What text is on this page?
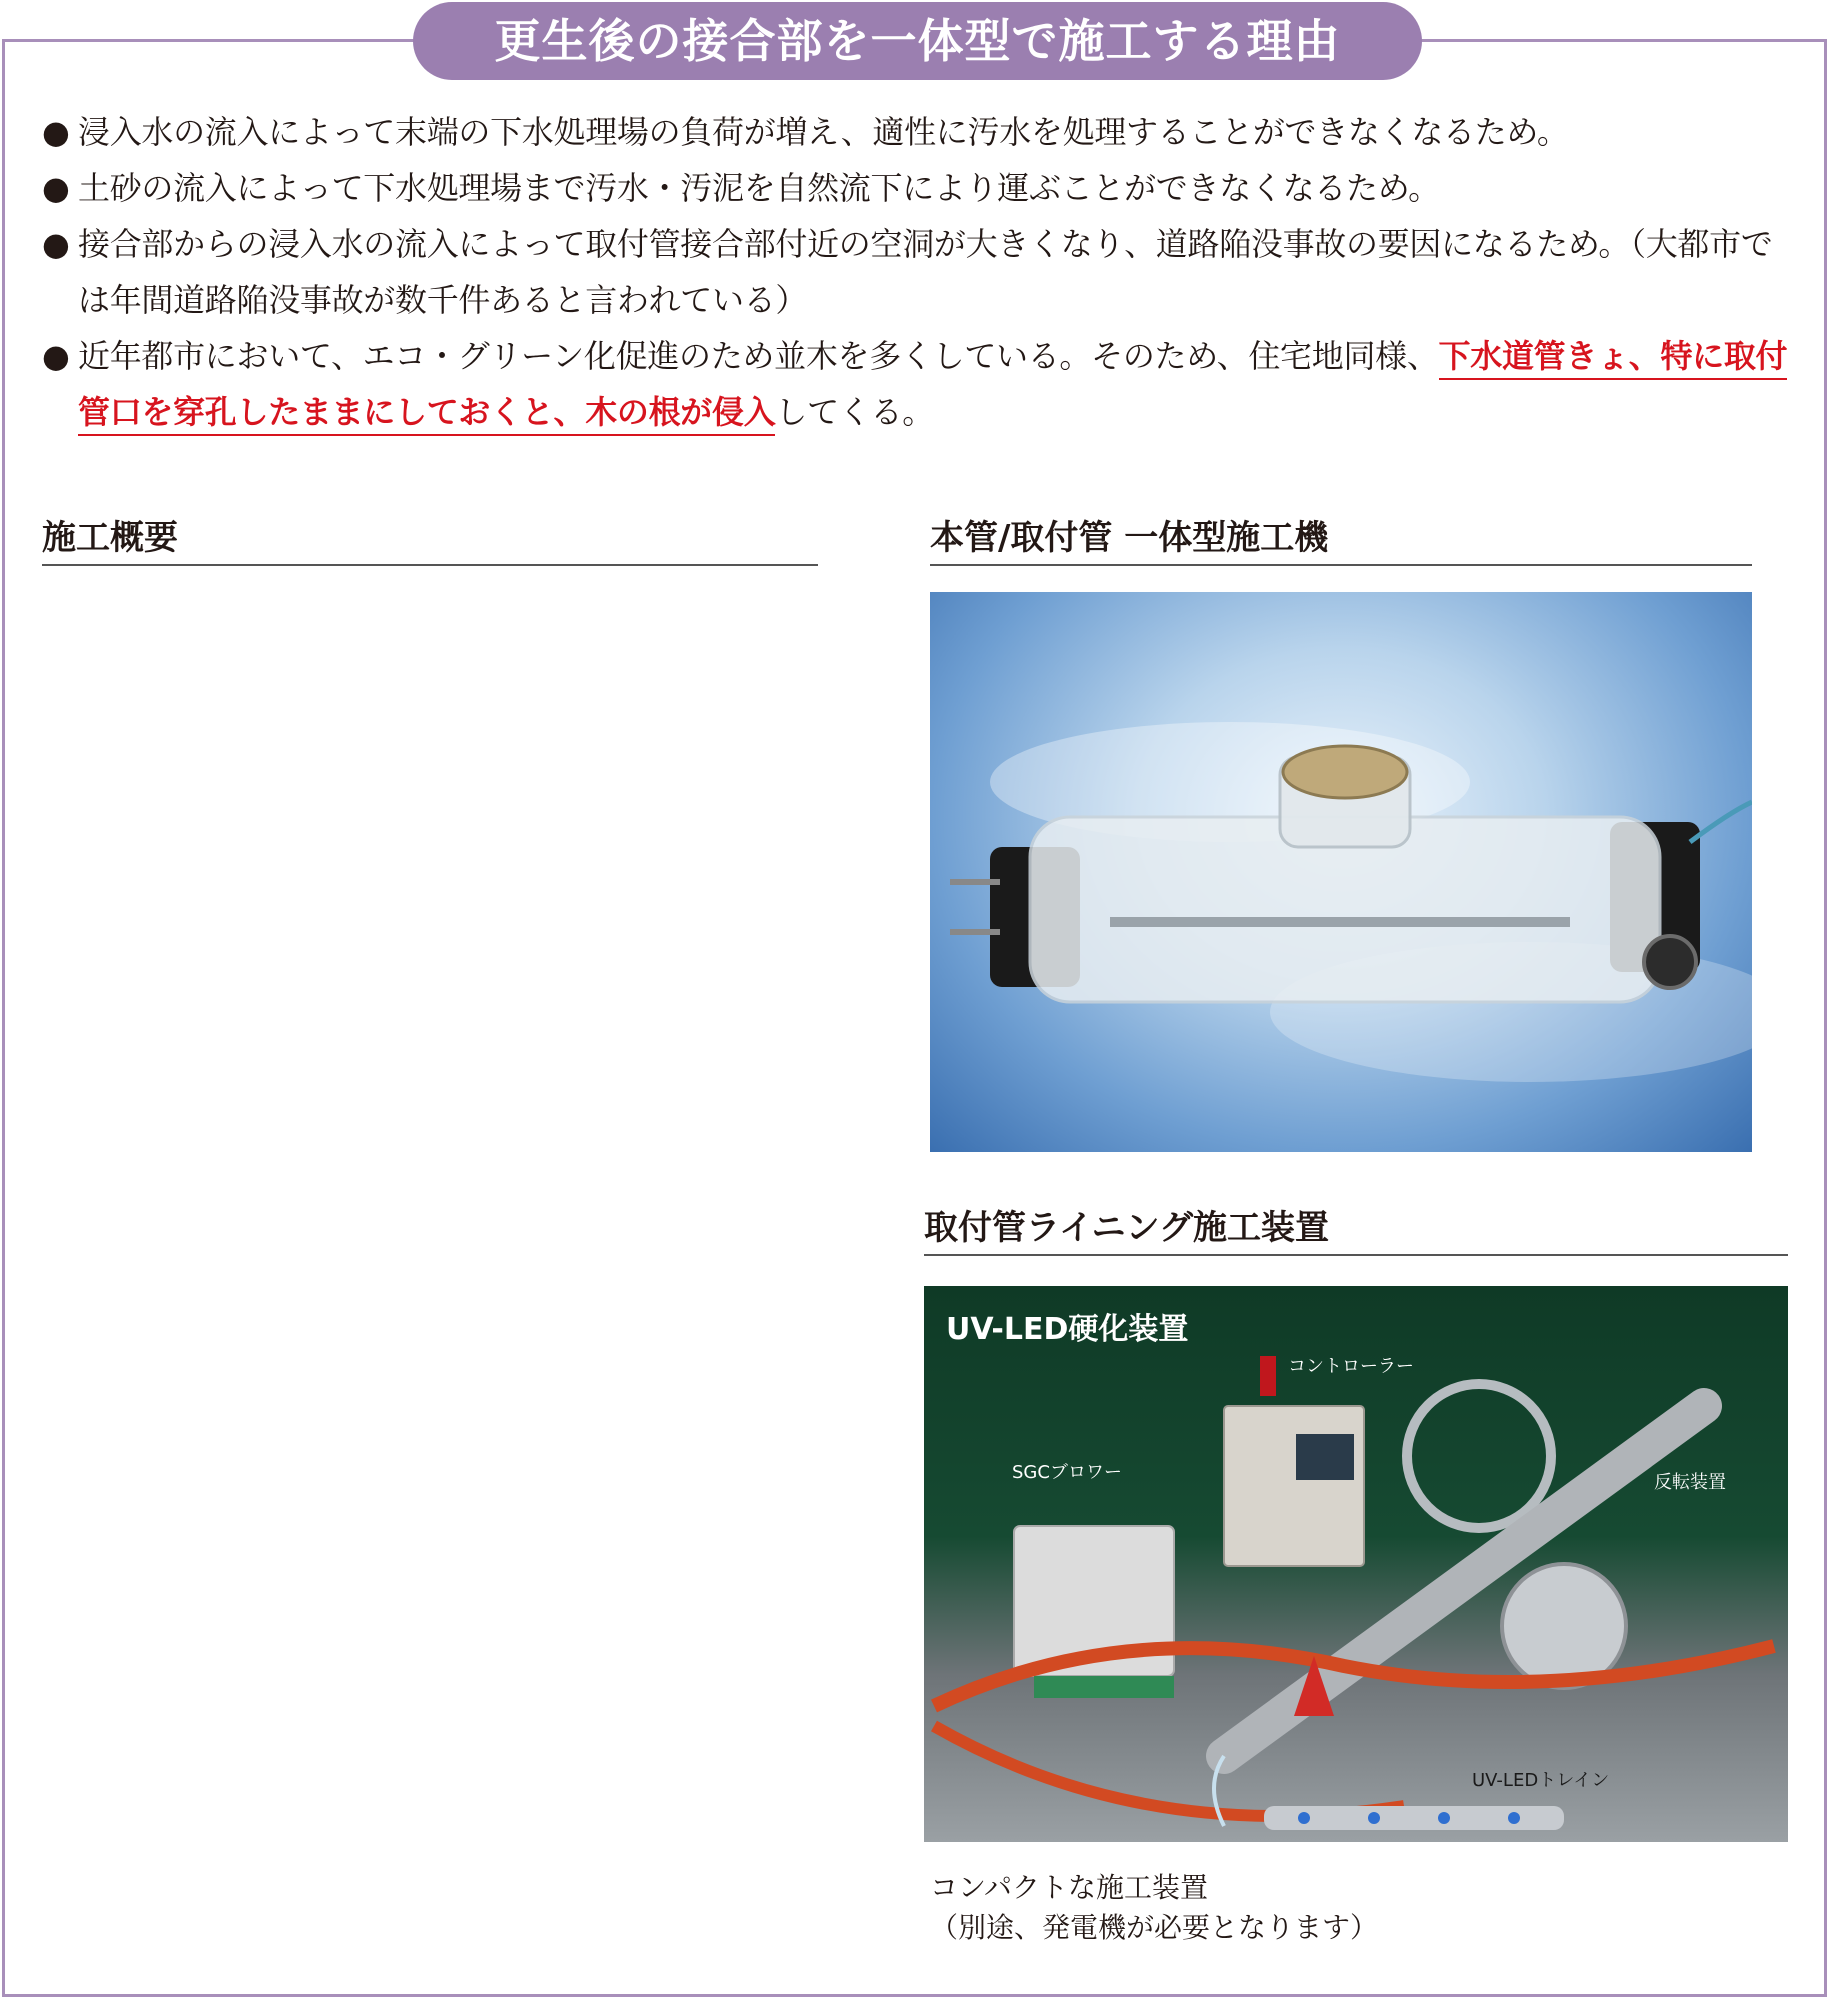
更生後の接合部を一体型で施工する理由
● 浸入水の流入によって末端の下水処理場の負荷が増え、適性に汚水を処理することができなくなるため。
● 土砂の流入によって下水処理場まで汚水・汚泥を自然流下により運ぶことができなくなるため。
● 接合部からの浸入水の流入によって取付管接合部付近の空洞が大きくなり、道路陥没事故の要因になるため。（大都市では年間道路陥没事故が数千件あると言われている）
● 近年都市において、エコ・グリーン化促進のため並木を多くしている。そのため、住宅地同様、下水道管きょ、特に取付管口を穿孔したままにしておくと、木の根が侵入してくる。
施工概要	本管/取付管 一体型施工機
取付管ライニング施工装置
UV-LED硬化装置
コントローラー
SGCブロワー	反転装置
UV-LEDトレイン
コンパクトな施工装置
（別途、発電機が必要となります）
